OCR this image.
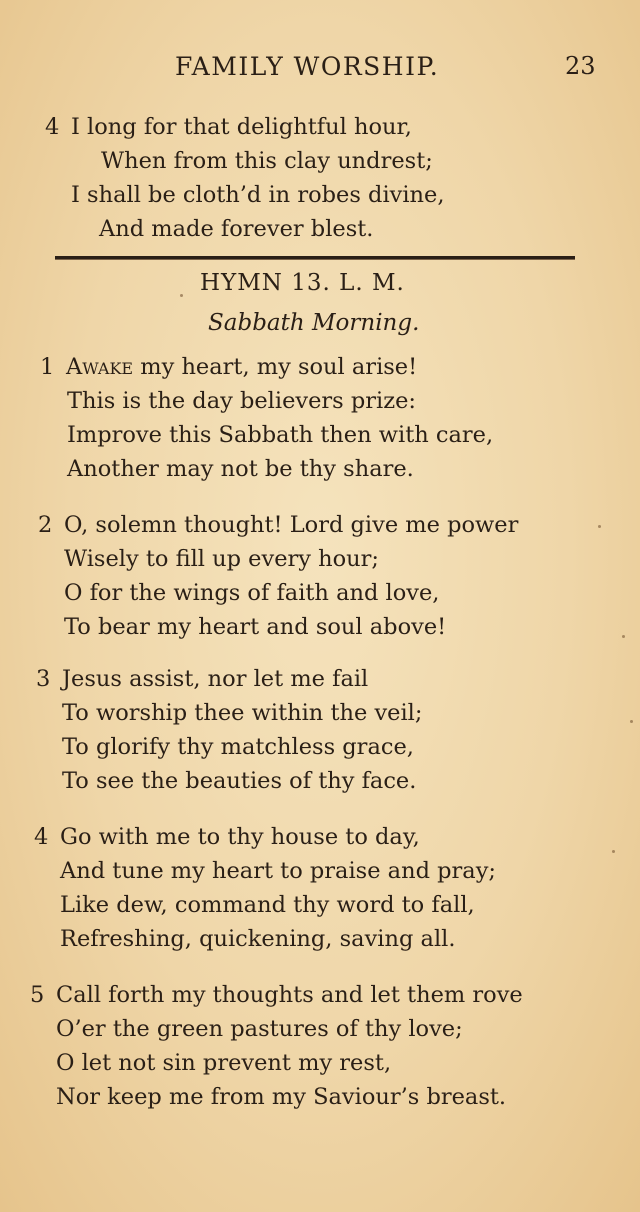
FAMILY WORSHIP.	23
4 I long for that delightful hour,
When from this clay undrest;
I shall be cloth’d in robes divine,
And made forever blest.
HYMN 13. L. M.
Sabbath Morning.
1 Awake my heart, my soul arise!
This is the day believers prize:
Improve this Sabbath then with care,
Another may not be thy share.
2 O, solemn thought! Lord give me power
Wisely to fill up every hour;
O for the wings of faith and love,
To bear my heart and soul above!
3 Jesus assist, nor let me fail
To worship thee within the veil;
To glorify thy matchless grace,
To see the beauties of thy face.
4 Go with me to thy house to day,
And tune my heart to praise and pray;
Like dew, command thy word to fall,
Refreshing, quickening, saving all.
5 Call forth my thoughts and let them rove
O’er the green pastures of thy love;
O let not sin prevent my rest,
Nor keep me from my Saviour’s breast.
